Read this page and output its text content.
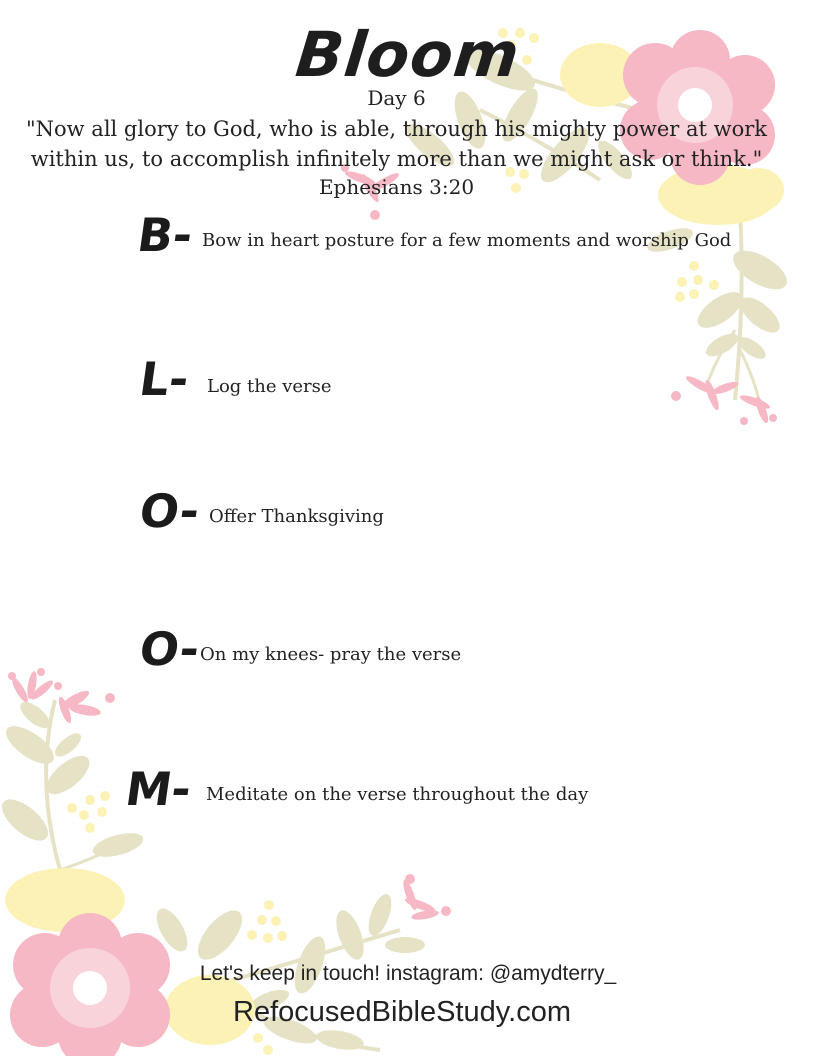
Bloom
Day 6
"Now all glory to God, who is able, through his mighty power at work
within us, to accomplish infinitely more than we might ask or think."
Ephesians 3:20
B- Bow in heart posture for a few moments and worship God
L- Log the verse
O- Offer Thanksgiving
O-
On my knees- pray the verse
M- Meditate on the verse throughout the day
Let's keep in touch! instagram: @amydterry_
RefocusedBibleStudy.com
